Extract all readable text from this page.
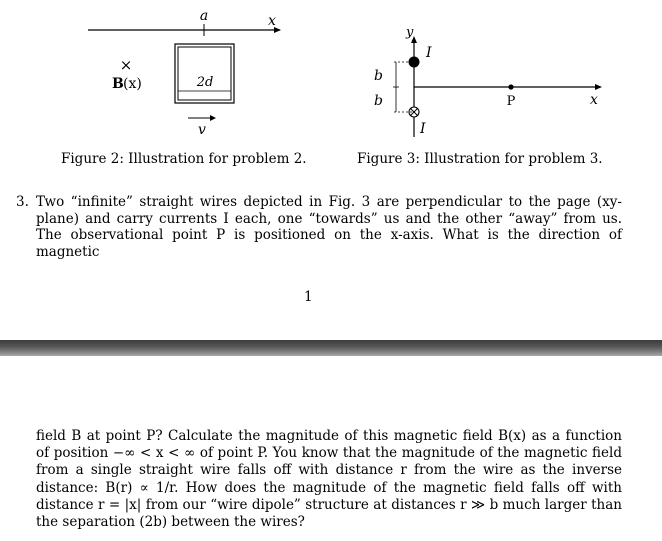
a	x
×
B (x)	2d
v
y
x
P
I
I
b
b
Figure 2: Illustration for problem 2.	Figure 3: Illustration for problem 3.
3. Two “infinite” straight wires depicted in Fig. 3 are perpendicular to the page (xy-plane) and carry currents I each, one “towards” us and the other “away” from us. The observational point P is positioned on the x-axis. What is the direction of magnetic
1
field B at point P? Calculate the magnitude of this magnetic field B(x) as a function of position −∞ < x < ∞ of point P. You know that the magnitude of the magnetic field from a single straight wire falls off with distance r from the wire as the inverse distance: B(r) ∝ 1/r. How does the magnitude of the magnetic field falls off with distance r = |x| from our “wire dipole” structure at distances r ≫ b much larger than the separation (2b) between the wires?
